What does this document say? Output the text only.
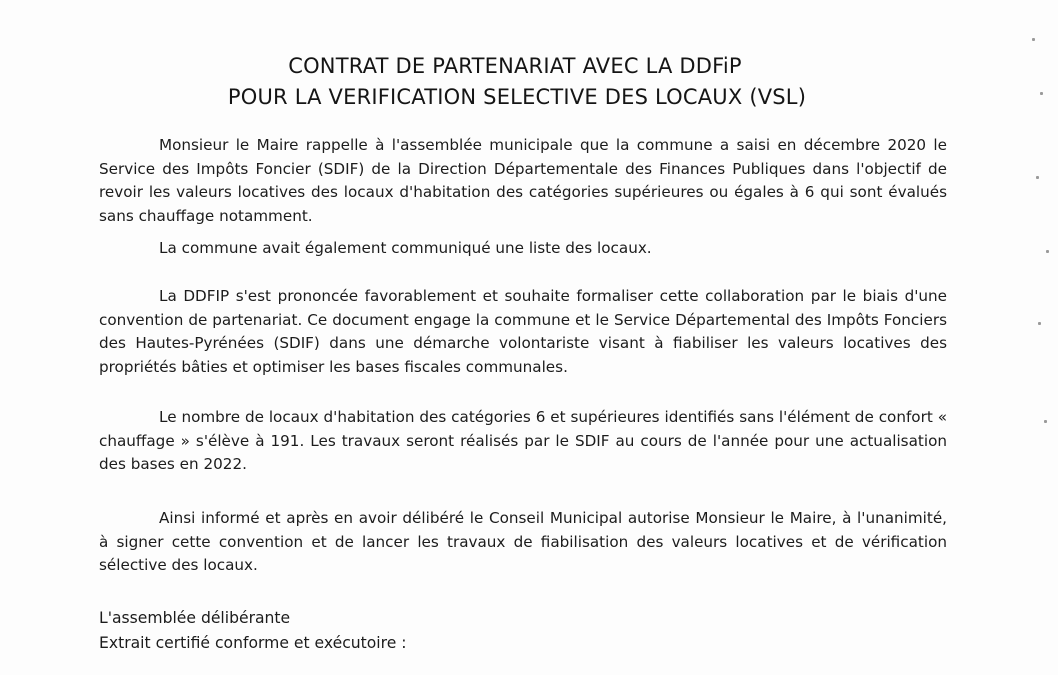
CONTRAT DE PARTENARIAT AVEC LA DDFiP
POUR LA VERIFICATION SELECTIVE DES LOCAUX (VSL)
Monsieur le Maire rappelle à l'assemblée municipale que la commune a saisi en décembre 2020 le Service des Impôts Foncier (SDIF) de la Direction Départementale des Finances Publiques dans l'objectif de revoir les valeurs locatives des locaux d'habitation des catégories supérieures ou égales à 6 qui sont évalués sans chauffage notamment.
La commune avait également communiqué une liste des locaux.
La DDFIP s'est prononcée favorablement et souhaite formaliser cette collaboration par le biais d'une convention de partenariat. Ce document engage la commune et le Service Départemental des Impôts Fonciers des Hautes-Pyrénées (SDIF) dans une démarche volontariste visant à fiabiliser les valeurs locatives des propriétés bâties et optimiser les bases fiscales communales.
Le nombre de locaux d'habitation des catégories 6 et supérieures identifiés sans l'élément de confort « chauffage » s'élève à 191. Les travaux seront réalisés par le SDIF au cours de l'année pour une actualisation des bases en 2022.
Ainsi informé et après en avoir délibéré le Conseil Municipal autorise Monsieur le Maire, à l'unanimité, à signer cette convention et de lancer les travaux de fiabilisation des valeurs locatives et de vérification sélective des locaux.
L'assemblée délibérante
Extrait certifié conforme et exécutoire :
